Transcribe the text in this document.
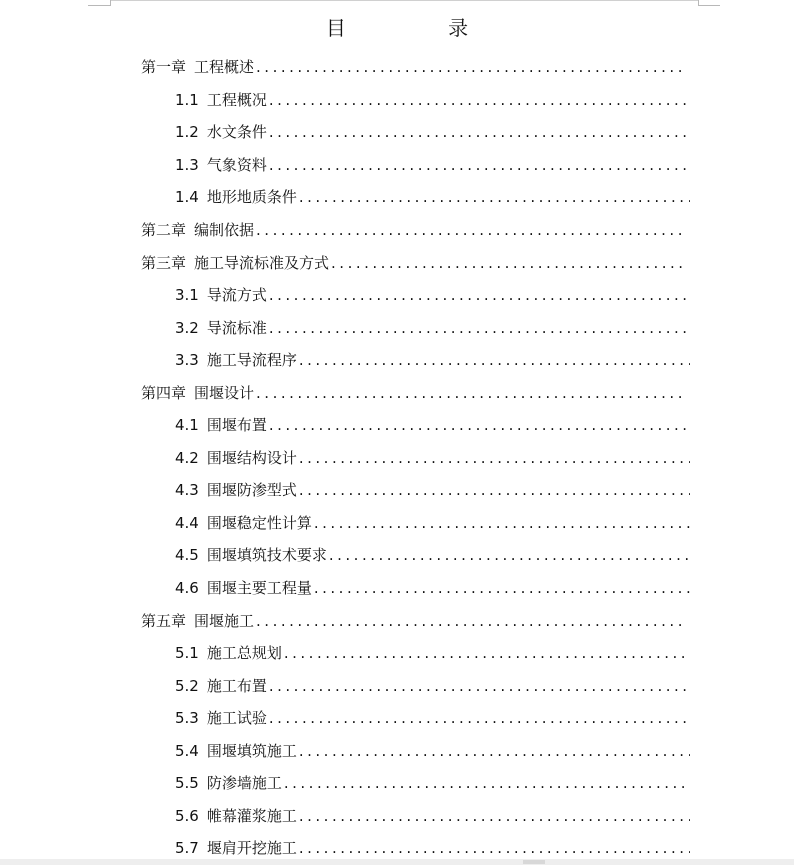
目 录
第一章 工程概述
.....
1.1 工程概况
.....
1.2 水文条件
.....
1.3 气象资料
.....
1.4 地形地质条件
.....
第二章 编制依据
.....
第三章 施工导流标准及方式
.....
3.1 导流方式
.....
3.2 导流标准
.....
3.3 施工导流程序
.....
第四章 围堰设计
.....
4.1 围堰布置
.....
4.2 围堰结构设计
.....
4.3 围堰防渗型式
.....
4.4 围堰稳定性计算
.....
4.5 围堰填筑技术要求
.....
4.6 围堰主要工程量
.....
第五章 围堰施工
.....
5.1 施工总规划
.....
5.2 施工布置
.....
5.3 施工试验
.....
5.4 围堰填筑施工
.....
5.5 防渗墙施工
.....
5.6 帷幕灌浆施工
.....
5.7 堰肩开挖施工
.....
